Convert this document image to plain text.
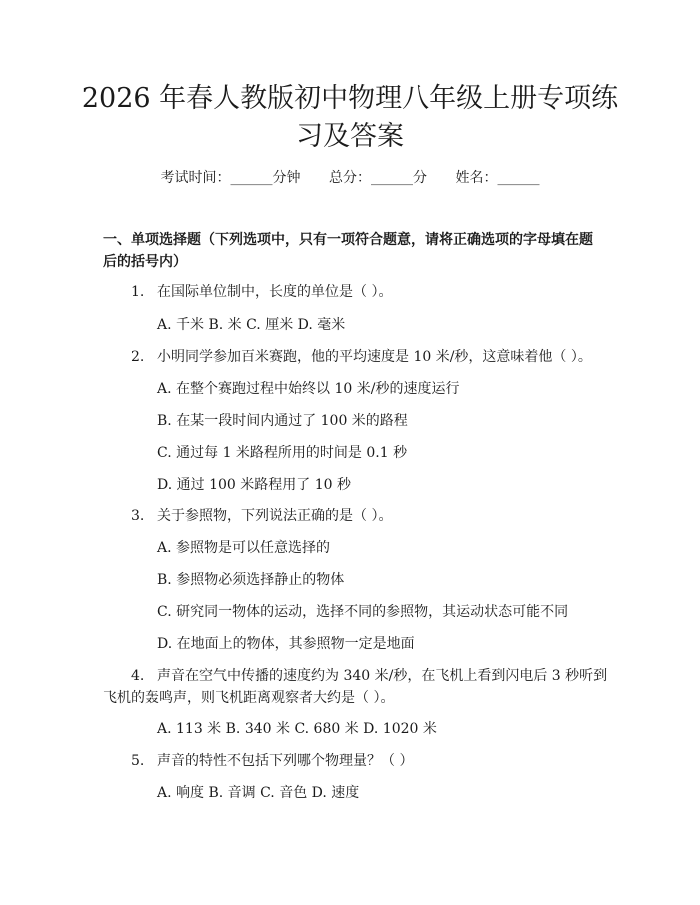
2026 年春人教版初中物理八年级上册专项练
习及答案
考试时间：______分钟 总分：______分 姓名：______
一、单项选择题（下列选项中，只有一项符合题意，请将正确选项的字母填在题
后的括号内）
1. 在国际单位制中，长度的单位是（ ）。
A. 千米 B. 米 C. 厘米 D. 毫米
2. 小明同学参加百米赛跑，他的平均速度是 10 米/秒，这意味着他（ ）。
A. 在整个赛跑过程中始终以 10 米/秒的速度运行
B. 在某一段时间内通过了 100 米的路程
C. 通过每 1 米路程所用的时间是 0.1 秒
D. 通过 100 米路程用了 10 秒
3. 关于参照物，下列说法正确的是（ ）。
A. 参照物是可以任意选择的
B. 参照物必须选择静止的物体
C. 研究同一物体的运动，选择不同的参照物，其运动状态可能不同
D. 在地面上的物体，其参照物一定是地面
4. 声音在空气中传播的速度约为 340 米/秒，在飞机上看到闪电后 3 秒听到
飞机的轰鸣声，则飞机距离观察者大约是（ ）。
A. 113 米 B. 340 米 C. 680 米 D. 1020 米
5. 声音的特性不包括下列哪个物理量？（ ）
A. 响度 B. 音调 C. 音色 D. 速度
